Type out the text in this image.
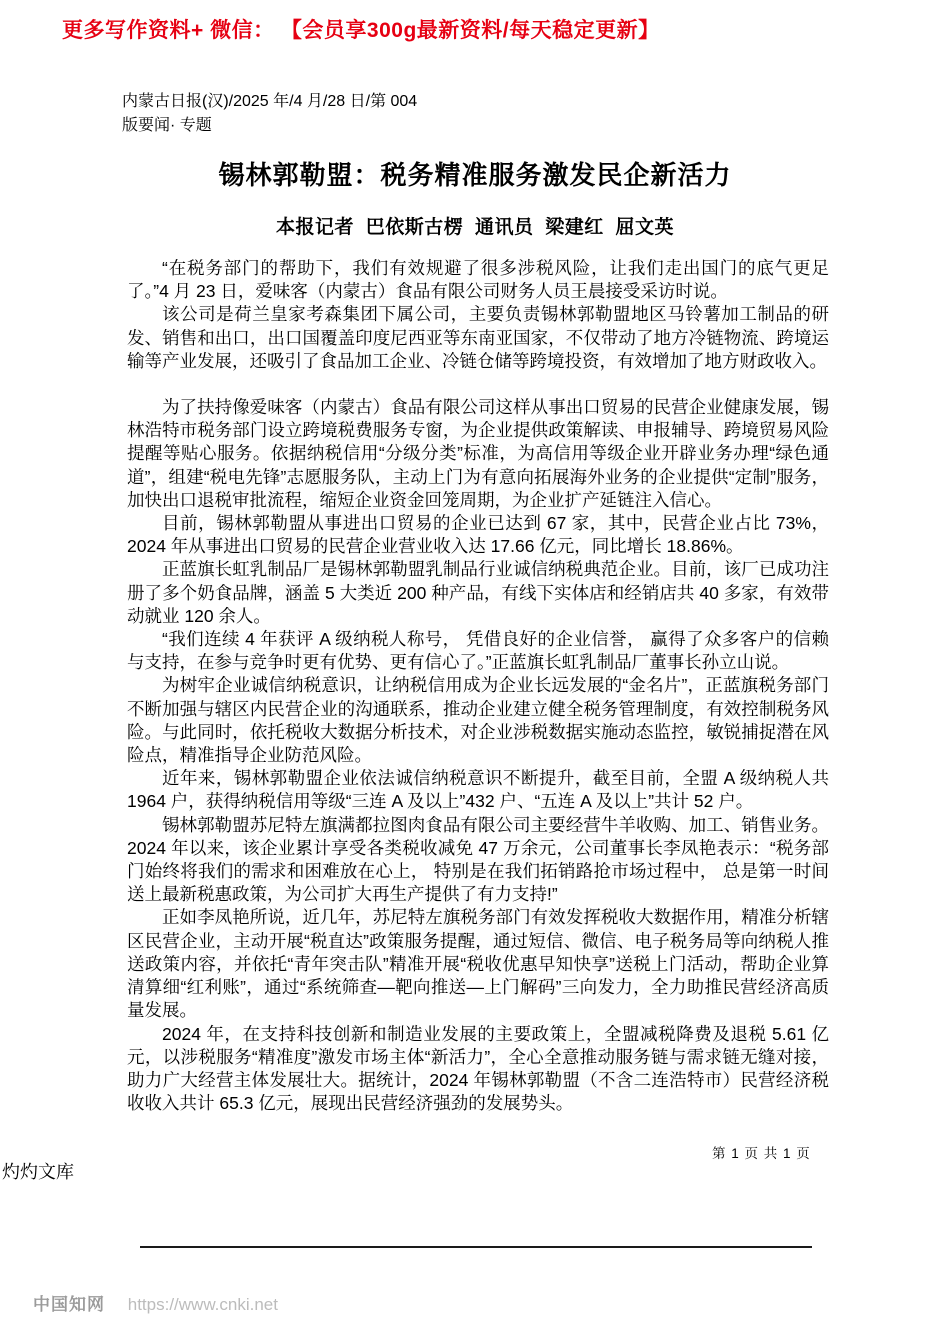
更多写作资料+ 微信： 【会员享300g最新资料/每天稳定更新】
内蒙古日报(汉)/2025 年/4 月/28 日/第 004
版要闻· 专题
锡林郭勒盟：税务精准服务激发民企新活力
本报记者 巴依斯古楞 通讯员 梁建红 屈文英

“在税务部门的帮助下，我们有效规避了很多涉税风险，让我们走出国门的底气更足了。”4 月 23 日，爱味客（内蒙古）食品有限公司财务人员王晨接受采访时说。

该公司是荷兰皇家考森集团下属公司，主要负责锡林郭勒盟地区马铃薯加工制品的研发、销售和出口，出口国覆盖印度尼西亚等东南亚国家，不仅带动了地方冷链物流、跨境运输等产业发展，还吸引了食品加工企业、冷链仓储等跨境投资，有效增加了地方财政收入。

为了扶持像爱味客（内蒙古）食品有限公司这样从事出口贸易的民营企业健康发展，锡林浩特市税务部门设立跨境税费服务专窗，为企业提供政策解读、申报辅导、跨境贸易风险提醒等贴心服务。依据纳税信用“分级分类”标准，为高信用等级企业开辟业务办理“绿色通道”，组建“税电先锋”志愿服务队，主动上门为有意向拓展海外业务的企业提供“定制”服务，加快出口退税审批流程，缩短企业资金回笼周期，为企业扩产延链注入信心。

目前，锡林郭勒盟从事进出口贸易的企业已达到 67 家，其中，民营企业占比 73%，2024 年从事进出口贸易的民营企业营业收入达 17.66 亿元，同比增长 18.86%。

正蓝旗长虹乳制品厂是锡林郭勒盟乳制品行业诚信纳税典范企业。目前，该厂已成功注册了多个奶食品牌，涵盖 5 大类近 200 种产品，有线下实体店和经销店共 40 多家，有效带动就业 120 余人。

“我们连续 4 年获评 A 级纳税人称号， 凭借良好的企业信誉， 赢得了众多客户的信赖与支持，在参与竞争时更有优势、更有信心了。”正蓝旗长虹乳制品厂董事长孙立山说。

为树牢企业诚信纳税意识，让纳税信用成为企业长远发展的“金名片”，正蓝旗税务部门不断加强与辖区内民营企业的沟通联系，推动企业建立健全税务管理制度，有效控制税务风险。与此同时，依托税收大数据分析技术，对企业涉税数据实施动态监控，敏锐捕捉潜在风险点，精准指导企业防范风险。

近年来，锡林郭勒盟企业依法诚信纳税意识不断提升，截至目前，全盟 A 级纳税人共 1964 户，获得纳税信用等级“三连 A 及以上”432 户、“五连 A 及以上”共计 52 户。

锡林郭勒盟苏尼特左旗满都拉图肉食品有限公司主要经营牛羊收购、加工、销售业务。2024 年以来，该企业累计享受各类税收减免 47 万余元，公司董事长李凤艳表示：“税务部门始终将我们的需求和困难放在心上， 特别是在我们拓销路抢市场过程中， 总是第一时间送上最新税惠政策，为公司扩大再生产提供了有力支持!”

正如李凤艳所说，近几年，苏尼特左旗税务部门有效发挥税收大数据作用，精准分析辖区民营企业，主动开展“税直达”政策服务提醒，通过短信、微信、电子税务局等向纳税人推送政策内容，并依托“青年突击队”精准开展“税收优惠早知快享”送税上门活动，帮助企业算清算细“红利账”，通过“系统筛查—靶向推送—上门解码”三向发力，全力助推民营经济高质量发展。

2024 年，在支持科技创新和制造业发展的主要政策上，全盟减税降费及退税 5.61 亿元，以涉税服务“精准度”激发市场主体“新活力”，全心全意推动服务链与需求链无缝对接，助力广大经营主体发展壮大。据统计，2024 年锡林郭勒盟（不含二连浩特市）民营经济税收收入共计 65.3 亿元，展现出民营经济强劲的发展势头。

第 1 页 共 1 页
灼灼文库
中国知网 https://www.cnki.net
